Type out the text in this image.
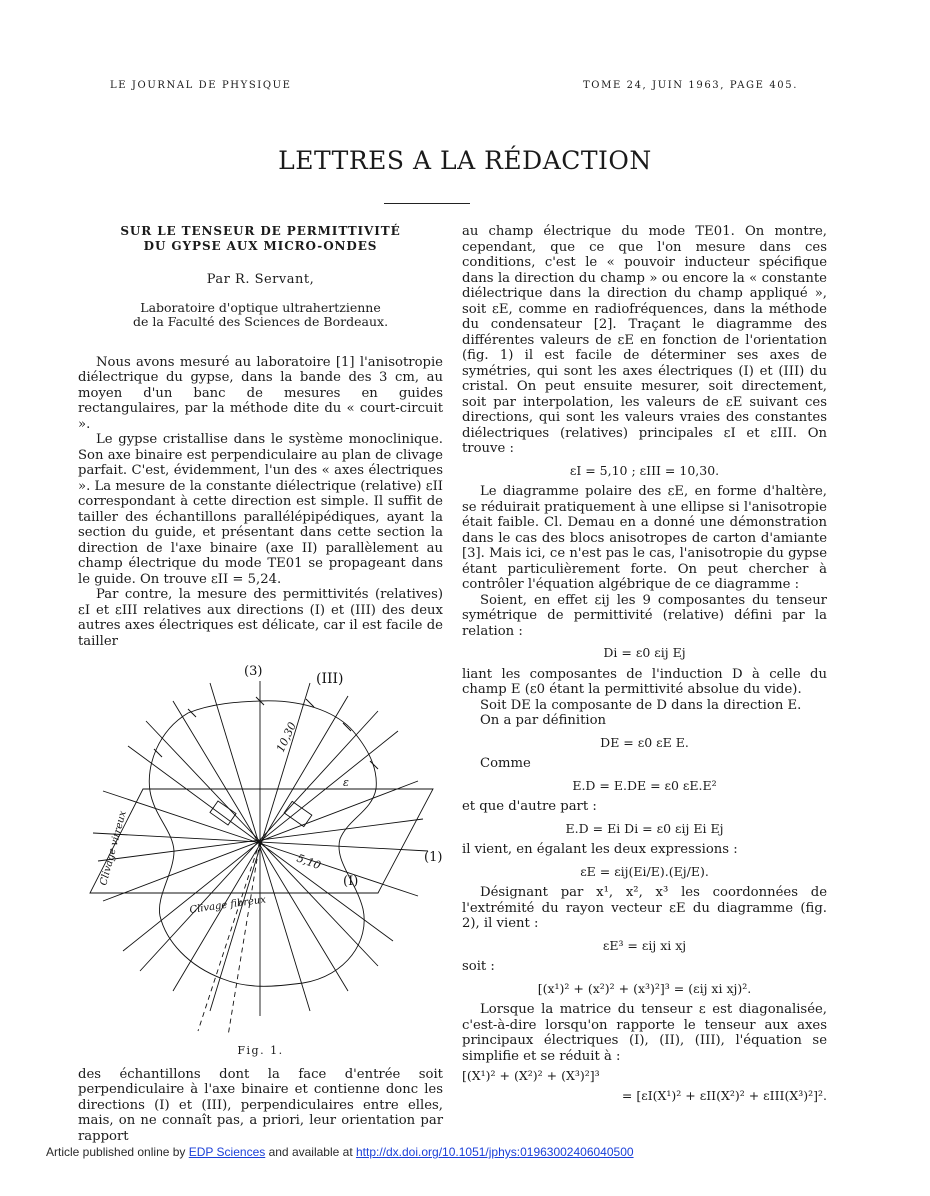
LE JOURNAL DE PHYSIQUE	TOME 24, JUIN 1963, PAGE 405.
LETTRES A LA RÉDACTION
SUR LE TENSEUR DE PERMITTIVITÉ
DU GYPSE AUX MICRO-ONDES
Par R. Servant,
Laboratoire d'optique ultrahertzienne
de la Faculté des Sciences de Bordeaux.

Nous avons mesuré au laboratoire [1] l'anisotropie diélectrique du gypse, dans la bande des 3 cm, au moyen d'un banc de mesures en guides rectangulaires, par la méthode dite du « court-circuit ».

Le gypse cristallise dans le système monoclinique. Son axe binaire est perpendiculaire au plan de clivage parfait. C'est, évidemment, l'un des « axes électriques ». La mesure de la constante diélectrique (relative) εII correspondant à cette direction est simple. Il suffit de tailler des échantillons parallélépipédiques, ayant la section du guide, et présentant dans cette section la direction de l'axe binaire (axe II) parallèlement au champ électrique du mode TE01 se propageant dans le guide. On trouve εII = 5,24.

Par contre, la mesure des permittivités (relatives) εI et εIII relatives aux directions (I) et (III) des deux autres axes électriques est délicate, car il est facile de tailler

(3)	(III)
(1)
(I)
10,30
5,10
ε
Clivage vitreux
Clivage fibreux
Fig. 1.

des échantillons dont la face d'entrée soit perpendiculaire à l'axe binaire et contienne donc les directions (I) et (III), perpendiculaires entre elles, mais, on ne connaît pas, a priori, leur orientation par rapport

au champ électrique du mode TE01. On montre, cependant, que ce que l'on mesure dans ces conditions, c'est le « pouvoir inducteur spécifique dans la direction du champ » ou encore la « constante diélectrique dans la direction du champ appliqué », soit εE, comme en radiofréquences, dans la méthode du condensateur [2]. Traçant le diagramme des différentes valeurs de εE en fonction de l'orientation (fig. 1) il est facile de déterminer ses axes de symétries, qui sont les axes électriques (I) et (III) du cristal. On peut ensuite mesurer, soit directement, soit par interpolation, les valeurs de εE suivant ces directions, qui sont les valeurs vraies des constantes diélectriques (relatives) principales εI et εIII. On trouve :

εI = 5,10 ; εIII = 10,30.

Le diagramme polaire des εE, en forme d'haltère, se réduirait pratiquement à une ellipse si l'anisotropie était faible. Cl. Demau en a donné une démonstration dans le cas des blocs anisotropes de carton d'amiante [3]. Mais ici, ce n'est pas le cas, l'anisotropie du gypse étant particulièrement forte. On peut chercher à contrôler l'équation algébrique de ce diagramme :

Soient, en effet εij les 9 composantes du tenseur symétrique de permittivité (relative) défini par la relation :

Di = ε0 εij Ej

liant les composantes de l'induction D à celle du champ E (ε0 étant la permittivité absolue du vide).

Soit DE la composante de D dans la direction E.

On a par définition

DE = ε0 εE E.

Comme

E.D = E.DE = ε0 εE.E²

et que d'autre part :

E.D = Ei Di = ε0 εij Ei Ej

il vient, en égalant les deux expressions :

εE = εij(Ei/E).(Ej/E).

Désignant par x¹, x², x³ les coordonnées de l'extrémité du rayon vecteur εE du diagramme (fig. 2), il vient :

εE³ = εij xi xj

soit :

[(x¹)² + (x²)² + (x³)²]³ = (εij xi xj)².

Lorsque la matrice du tenseur ε est diagonalisée, c'est-à-dire lorsqu'on rapporte le tenseur aux axes principaux électriques (I), (II), (III), l'équation se simplifie et se réduit à :

[(X¹)² + (X²)² + (X³)²]³
= [εI(X¹)² + εII(X²)² + εIII(X³)²]².
Article published online by EDP Sciences and available at http://dx.doi.org/10.1051/jphys:01963002406040500
